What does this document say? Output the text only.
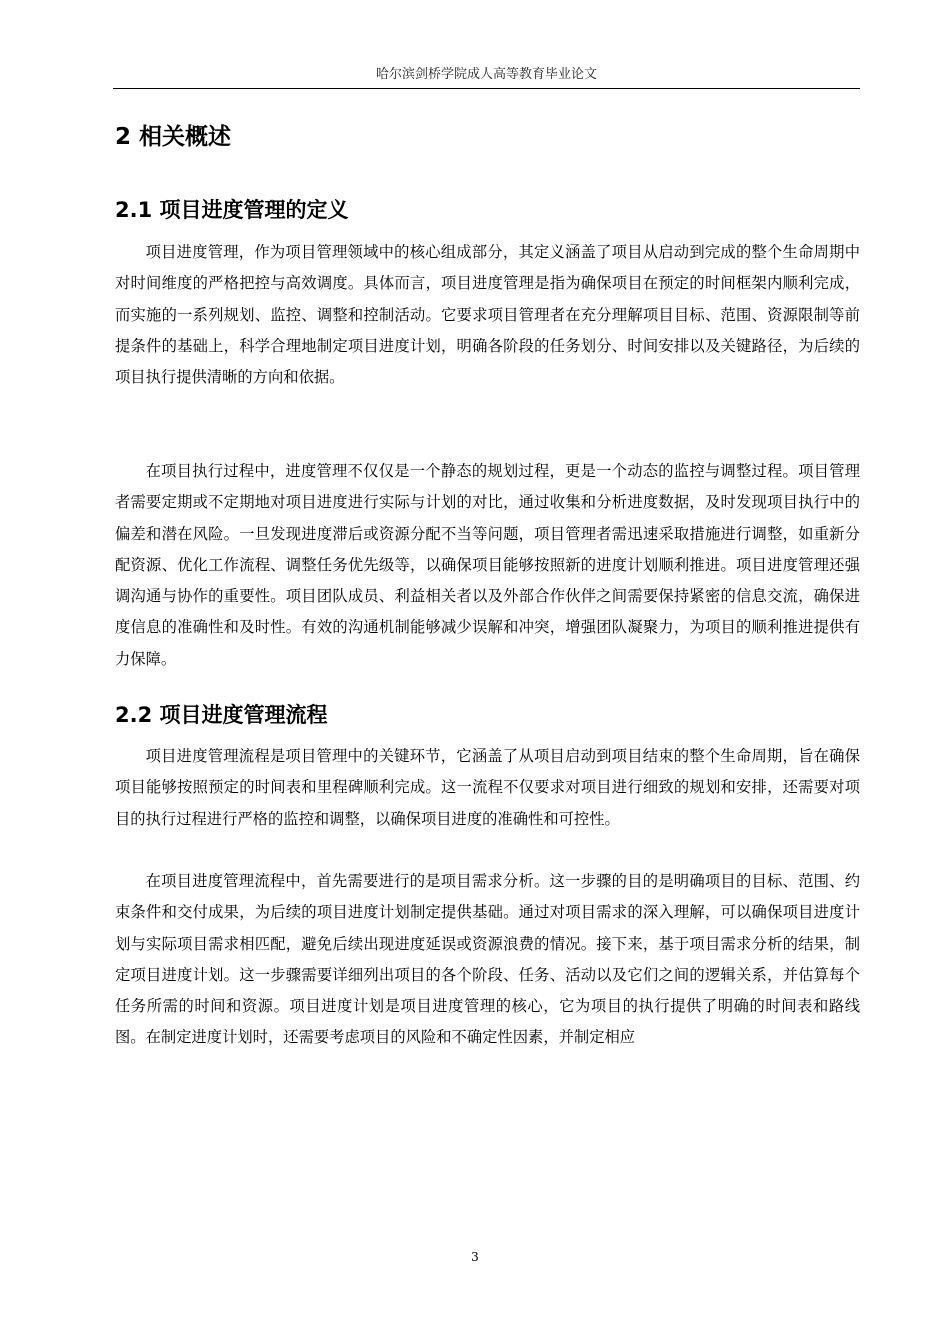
哈尔滨剑桥学院成人高等教育毕业论文
2 相关概述
2.1 项目进度管理的定义

项目进度管理，作为项目管理领域中的核心组成部分，其定义涵盖了项目从启动到完成的整个生命周期中对时间维度的严格把控与高效调度。具体而言，项目进度管理是指为确保项目在预定的时间框架内顺利完成，而实施的一系列规划、监控、调整和控制活动。它要求项目管理者在充分理解项目目标、范围、资源限制等前提条件的基础上，科学合理地制定项目进度计划，明确各阶段的任务划分、时间安排以及关键路径，为后续的项目执行提供清晰的方向和依据。

在项目执行过程中，进度管理不仅仅是一个静态的规划过程，更是一个动态的监控与调整过程。项目管理者需要定期或不定期地对项目进度进行实际与计划的对比，通过收集和分析进度数据，及时发现项目执行中的偏差和潜在风险。一旦发现进度滞后或资源分配不当等问题，项目管理者需迅速采取措施进行调整，如重新分配资源、优化工作流程、调整任务优先级等，以确保项目能够按照新的进度计划顺利推进。项目进度管理还强调沟通与协作的重要性。项目团队成员、利益相关者以及外部合作伙伴之间需要保持紧密的信息交流，确保进度信息的准确性和及时性。有效的沟通机制能够减少误解和冲突，增强团队凝聚力，为项目的顺利推进提供有力保障。

2.2 项目进度管理流程

项目进度管理流程是项目管理中的关键环节，它涵盖了从项目启动到项目结束的整个生命周期，旨在确保项目能够按照预定的时间表和里程碑顺利完成。这一流程不仅要求对项目进行细致的规划和安排，还需要对项目的执行过程进行严格的监控和调整，以确保项目进度的准确性和可控性。

在项目进度管理流程中，首先需要进行的是项目需求分析。这一步骤的目的是明确项目的目标、范围、约束条件和交付成果，为后续的项目进度计划制定提供基础。通过对项目需求的深入理解，可以确保项目进度计划与实际项目需求相匹配，避免后续出现进度延误或资源浪费的情况。接下来，基于项目需求分析的结果，制定项目进度计划。这一步骤需要详细列出项目的各个阶段、任务、活动以及它们之间的逻辑关系，并估算每个任务所需的时间和资源。项目进度计划是项目进度管理的核心，它为项目的执行提供了明确的时间表和路线图。在制定进度计划时，还需要考虑项目的风险和不确定性因素，并制定相应

3
